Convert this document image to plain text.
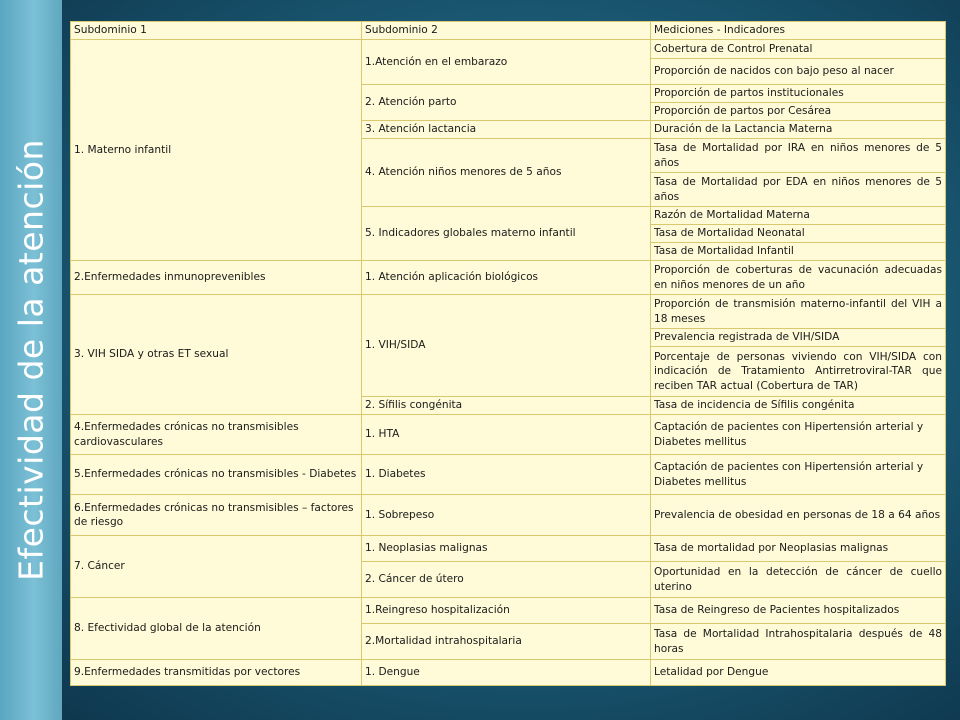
Efectividad de la atención
Subdominio 1	Subdominio 2	Mediciones - Indicadores
1. Materno infantil	1.Atención en el embarazo	Cobertura de Control Prenatal
		Proporción de nacidos con bajo peso al nacer
	2. Atención parto	Proporción de partos institucionales
		Proporción de partos por Cesárea
	3. Atención lactancia	Duración de la Lactancia Materna
	4. Atención niños menores de 5 años	Tasa de Mortalidad por IRA en niños menores de 5 años
		Tasa de Mortalidad por EDA en niños menores de 5 años
	5. Indicadores globales materno infantil	Razón de Mortalidad Materna
		Tasa de Mortalidad Neonatal
		Tasa de Mortalidad Infantil
2.Enfermedades inmunoprevenibles	1. Atención aplicación biológicos	Proporción de coberturas de vacunación adecuadas en niños menores de un año
3. VIH SIDA y otras ET sexual	1. VIH/SIDA	Proporción de transmisión materno-infantil del VIH a 18 meses
		Prevalencia registrada de VIH/SIDA
		Porcentaje de personas viviendo con VIH/SIDA con indicación de Tratamiento Antirretroviral-TAR que reciben TAR actual (Cobertura de TAR)
	2. Sífilis congénita	Tasa de incidencia de Sífilis congénita
4.Enfermedades crónicas no transmisibles cardiovasculares	1. HTA	Captación de pacientes con Hipertensión arterial y Diabetes mellitus
5.Enfermedades crónicas no transmisibles - Diabetes	1. Diabetes	Captación de pacientes con Hipertensión arterial y Diabetes mellitus
6.Enfermedades crónicas no transmisibles – factores de riesgo	1. Sobrepeso	Prevalencia de obesidad en personas de 18 a 64 años
7. Cáncer	1. Neoplasias malignas	Tasa de mortalidad por Neoplasias malignas
	2. Cáncer de útero	Oportunidad en la detección de cáncer de cuello uterino
8. Efectividad global de la atención	1.Reingreso hospitalización	Tasa de Reingreso de Pacientes hospitalizados
	2.Mortalidad intrahospitalaria	Tasa de Mortalidad Intrahospitalaria después de 48 horas
9.Enfermedades transmitidas por vectores	1. Dengue	Letalidad por Dengue
